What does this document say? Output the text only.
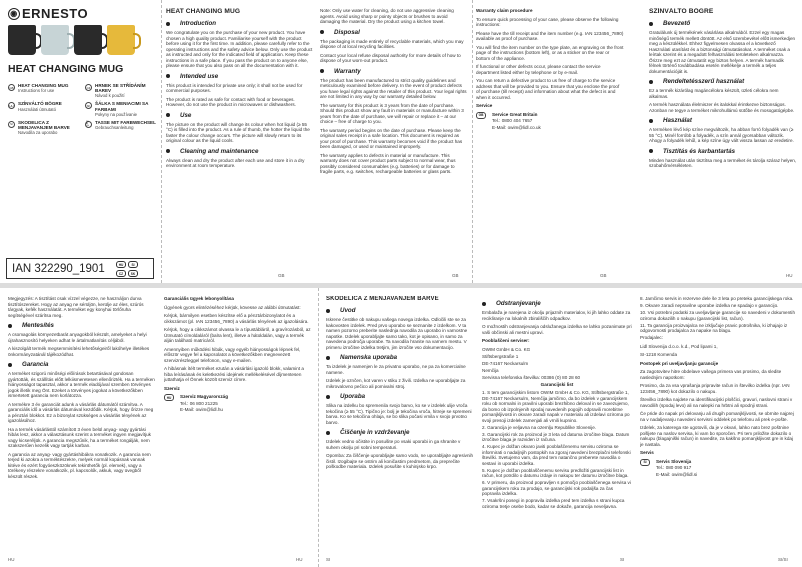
◉ ERNESTO
HEAT CHANGING MUG
GB HEAT CHANGING MUG
Instructions for use
CZ	HRNEK SE STŘÍDÁNÍM BAREV
Návod k použití
HU SZÍNVÁLTÓ BÖGRE
Használati útmutató
SK	ŠÁLKA S MENIACIMI SA FARBAMI
Pokyny na používanie
SI	SKODELICA Z MENJAVANJEM BARVE
Navodila za uporabo
DE AT CH
TASSE MIT FARBWECHSEL
Gebrauchsanleitung
IAN 322290_1901	HU	SI
CZ	SK
HEAT CHANGING MUG
Introduction

We congratulate you on the purchase of your new product. You have chosen a high quality product. Familiarise yourself with the product before using it for the first time. In addition, please carefully refer to the operating instructions and the safety advice below. Only use the product as instructed and only for the indicated field of application. Keep these instructions in a safe place. If you pass the product on to anyone else, please ensure that you also pass on all the documentation with it.

Intended use

This product is intended for private use only; it shall not be used for commercial purposes.

The product is rated as safe for contact with food or beverages. However, do not use the product in microwaves or dishwashers.

Use

The picture on the product will change its colour when hot liquid (≥ 55 °C) is filled into the product. As a rule of thumb, the hotter the liquid the faster the colour change occurs. The picture will slowly return to its original colour as the liquid cools.

Cleaning and maintenance

Always clean and dry the product after each use and store it in a dry environment at room temperature.

GB

Note: Only use water for cleaning, do not use aggressive cleaning agents. Avoid using sharp or pointy objects or brushes to avoid damaging the material. Dry the product using a kitchen towel.

Disposal

The packaging is made entirely of recyclable materials, which you may dispose of at local recycling facilities.

Contact your local refuse disposal authority for more details of how to dispose of your worn-out product.

Warranty

The product has been manufactured to strict quality guidelines and meticulously examined before delivery. In the event of product defects you have legal rights against the retailer of this product. Your legal rights are not limited in any way by our warranty detailed below.

The warranty for this product is 3 years from the date of purchase. Should this product show any fault in materials or manufacture within 3 years from the date of purchase, we will repair or replace it – at our choice – free of charge to you.

The warranty period begins on the date of purchase. Please keep the original sales receipt in a safe location. This document is required as your proof of purchase. This warranty becomes void if the product has been damaged, or used or maintained improperly.

The warranty applies to defects in material or manufacture. This warranty does not cover product parts subject to normal wear, thus possibly considered consumables (e.g. batteries) or for damage to fragile parts, e.g. switches, rechargeable batteries or glass parts.

GB

Warranty claim procedure

To ensure quick processing of your case, please observe the following instructions:

Please have the till receipt and the item number (e.g. IAN 123456_7890) available as proof of purchase.

You will find the item number on the type plate, an engraving on the front page of the instructions (bottom left), or as a sticker on the rear or bottom of the appliance.

If functional or other defects occur, please contact the service department listed either by telephone or by e-mail.

You can return a defective product to us free of charge to the service address that will be provided to you. Ensure that you enclose the proof of purchase (till receipt) and information about what the defect is and when it occurred.

Service

GB	Service Great Britain

Tel.: 0800 404 7657

E-Mail: owim@lidl.co.uk

GB
SZÍNVÁLTÓ BÖGRE
Bevezető

Gratulálunk új termékének vásárlása alkalmából. Ezzel egy magas minőségű termék mellett döntött. Az első üzembevétel előtt ismerkedjen meg a készülékkel. Ehhez figyelmesen olvassa el a következő Használati utasítást és a biztonsági útmutatásokat. A terméket csak a leírtak szerint és a megadott felhasználási területeken alkalmazza. Őrizze meg ezt az útmutatót egy biztos helyen. A termék harmadik félnek történő továbbadása esetén mellékelje a termék a teljes dokumentációját is.

Rendeltetésszerű használat

Ez a termék kizárólag magáncélokra készült, üzleti célokra nem alkalmas.

A termék használata élelmiszer és italokkal érintkezve biztonságos. Azonban ne tegye a terméket mikrohullámú sütőbe és mosogatógépbe.

Használat

A terméken lévő kép színe megváltozik, ha abban forró folyadék van (≥ 55 °C). Minél forróbb a folyadék, a szín annál gyorsabban változik. Ahogy a folyadék lehűl, a kép színe úgy vált vissza lassan az eredetire.

Tisztítás és karbantartás

Minden használat után tisztítsa meg a terméket és tárolja száraz helyen, szobahőmérsékleten.

HU

Megjegyzés: A tisztítást csak vízzel végezze, ne használjon durva tisztítószereket. Hogy az anyag ne sérüljön, kerülje az éles, szúrós tárgyak, kefék használatát. A terméket egy konyhai törlőruha segítségével szárítsa meg.

Mentesítés

A csomagolás környezetbarát anyagokból készült, amelyeket a helyi újrahasznosító helyeken adhat le ártalmatlanítás céljából.

A kiszolgált termék megsemmisítési lehetőségeiről lakóhelye illetékes önkormányzatánál tájékozódhat.

Garancia

A terméket szigorú minőségi előírások betartásával gondosan gyártották, és szállítás előtt lelkiismeretesen ellenőrizték. Ha a terméken hiányosságot tapasztal, akkor a termék eladójával szemben törvényes jogok illetik meg Önt. Ezeket a törvényes jogokat a következőkben ismertetett garancia nem korlátozza.

A termékre 3 év garanciát adunk a vásárlás dátumától számítva. A garanciális idő a vásárlás dátumával kezdődik. Kérjük, hogy őrizze meg a pénztári blokkot. Ez a bizonylat szükséges a vásárlás tényének az igazolásához.

Ha a termék vásárlástól számított 3 éven belül anyag- vagy gyártási hibás lesz, akkor a választásunk szerint a terméket ingyen megjavítjuk vagy kicseréljük. A garancia megszűnik, ha a terméket rongálják, nem szakszerűen kezelik vagy tartják karban.

A garancia az anyag- vagy gyártáshibákra vonatkozik. A garancia nem terjed ki azokra a terméktészekre, melyek normál kopásnak vannak kitéve és ezért fogyóeszközöknek tekinthetők (pl. elemek), vagy a törékeny részekre vonatkozik, pl. kapcsolók, akkuk, vagy üvegből készült részek.

HU

Garanciális ügyek lebonyolítása

Ügyének gyors elintézéséhez kérjük, kövesse az alábbi útmutatást:

Kérjük, bármilyen esetben készítse elő a pénztárbizonylatot és a cikkszámot (pl. IAN 123456_7890) a vásárlás tényének az igazolására.

Kérjük, hogy a cikkszámot olvassa le a típustábláról, a gravírozásból, az Útmutató címoldaláról (balra lent), illetve a hátoldalán, vagy a termék alján található matricáról.

Amennyiben működési hibák, vagy egyéb hiányosságok lépnek fel, először vegye fel a kapcsolatot a következőkben megnevezett szervizrészleggel telefonon, vagy e-mailen.

A hibásnak ítélt terméket ezután a vásárlási igazoló blokk, valamint a hiba leírásának és keletkezési idejének mellékelésével díjmentesen juttathatja el Önnek közölt szerviz címre.

Szerviz

HU	Szerviz Magyarország

Tel.: 06 800 21225

E-Mail: owim@lidl.hu

HU
SKODELICA Z MENJAVANJEM BARVE
Uvod

Iskrene čestitke ob nakupu vašega novega izdelka. Odločili ste se za kakovosten izdelek. Pred prvo uporabo se seznanite z izdelkom. V ta namen pozorno preberite naslednja navodila za uporabo in varnostne napotke. Izdelek uporabljajte samo tako, kot je opisano, in samo za navedena področja uporabe. Ta navodila hranite na varnem mestu. V primeru izročitve izdelka tretjim, jim izročite vso dokumentacijo.

Namenska uporaba

Ta izdelek je namenjen le za privatno uporabo, ne pa za komercialne namene.

Izdelek je oznčen, kot varen v stiku z živili. Izdelka ne uporabljajte za mikrovalovno pečico ali pomivalni stroj.

Uporaba

Slika na izdelku bo spremenila svojo barvo, ko se v izdelek ulije vroča tekočina (≥ 55 °C). Tipično je: bolj je tekočina vroča, hitreje se spremeni barva. Ko se tekočina ohlaja, se bo slika počasi vrnila v svojo prvotno barvo.

Čiščenje in vzdrževanje

Izdelek vedno očistite in posušite po vsaki uporabi in ga shranite v suhem okolju pri sobni temperaturi.

Opomba: Za čiščenje uporabljajte samo vodo, ne uporabljajte agresivnih čistil. Izogibajte se ostrim ali koničastim predmetom, da preprečite poškodbe materiala. Izdelek posušite s kuhinjsko krpo.

SI
Odstranjevanje

Embalaža je narejena iz okolju prijaznih materialov, ki jih lahko oddate za recikliranje na lokalnih zbirališčih odpadkov.

O možnostih odstranjevanja odslužanega izdelka se lahko pozanimate pri vaši občinski ali mestni upravi.

Pooblaščeni serviser:

OWIM GmbH & Co. KG

Stiftsbergstraße 1

DE-74167 Neckarsulm

Nemčija

Servisna telefonska številka: 00386 (0) 80 28 60

Garancijski list

1. S tem garancijskim listom OWIM GmbH & Co. KG, Stiftsbergstraße 1, DE-74167 Neckarsulm, Nemčija jamčimo, da bo izdelek v garancijskem roku ob normalni in pravilni uporabi brezhibno deloval in se zavezujemo, da bomo ob izpolnjenih spodaj navedenih pogojih odpravili morebitne pomanjkljivosti in okvare zaradi napak v materialu ali izdelavi oziroma po svoji presoji izdelek zamenjali ali vrnili kupnino.

2. Garancija je veljavna na ozemlju Republike Slovenije.

3. Garancijski rok za proizvod je 3 leta od datuma izročitve blaga. Datum izročitve blaga je razviden iz računa.

4. Kupec je dolžan okvaro javiti pooblaščenemu servisu oziroma se informirati o nadaljnjih postopkih na zgoraj navedeni brezplačni telefonski številki. Svetujemo vam, da pred tem natančno preberete navodila o sestavi in uporabi izdelka.

5. Kupec je dolžan pooblaščenemu servisu predložiti garancijski list in račun, kot potrdilo o datumu izdaje in nakupu ter datumu izročitve blaga.

6. V primeru, da proizvod popravljen s pomočjo pooblaščenega servisa vi garancijskem roku za prodajo, se garancijski rok podaljša za čas popravila izdelka.

7. Vsakršni posegi in popravila izdelka pred tem izdelka s strani kupca oziroma tretje osebe bodo, kadar se dokaže, garancija neveljavna.

SI

8. Jamčimo servis in rezervne dele še 3 leta po preteku garancijskega roka.

9. Okvare zaradi nepravilne uporabe izdelka ne spadajo v garancijo.

10. Vsi potrebni podatki za uveljavljanje garancije so navedeni v dokumentih oziroma dokazilih o nakupu (garancijski list, račun).

11. Ta garancija proizvajalca ne izključuje pravic potrošnika, ki izhajajo iz odgovornosti prodajalca za napake na blagu.

Prodajalec:

Lidl Slovenija d.o.o. k.d., Pod lipami 1,

SI-1218 Komenda

Postopek pri uveljavljanju garancije

Za zagotovitev hitre obdelave vašega primera vas prosimo, da sledite naslednjim napotkom:

Prosimo, da za vsa vprašanja pripravite račun in številko izdelka (npr. IAN 123456_7890) kot dokazilo o nakupu.

Številko izdelka najdete na identifikacijski ploščici, gravuri, naslovni strani v navodilih (spodaj levo) ali na nalepki na hrbtni ali spodnji strani.

Če pride do napak pri delovanju ali drugih pomanjkljivosti, se obrnite najprej na v nadaljevanju navedeni servisni oddelek po telefonu ali prek e-pošte.

Izdelek, za katerega ste ugotovili, da je v okvari, lahko nato brez poštnine pošljete na naslov servisa, ki vam bo sporočen. Pri tem priložite dokazilo o nakupu (blagajniški račun) in navedite, za kakšno pomanjkljivost gre in kdaj je nastala.

Servis

SI	Servis Slovenija

Tel.: 080 090 917

E-Mail: owim@lidl.si

SI/SI
